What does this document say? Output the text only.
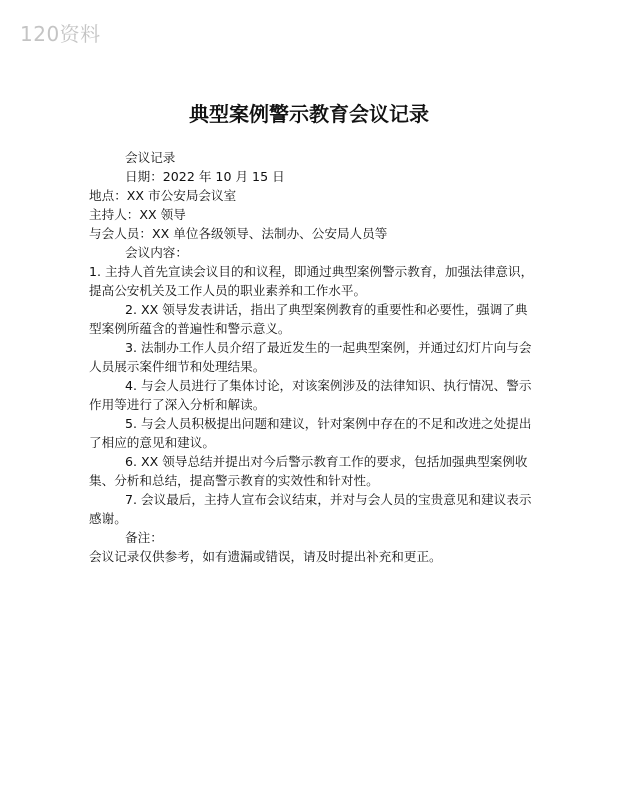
120资料
典型案例警示教育会议记录

会议记录

日期：2022 年 10 月 15 日

地点：XX 市公安局会议室

主持人：XX 领导

与会人员：XX 单位各级领导、法制办、公安局人员等

会议内容：

1. 主持人首先宣读会议目的和议程，即通过典型案例警示教育，加强法律意识，提高公安机关及工作人员的职业素养和工作水平。

2. XX 领导发表讲话，指出了典型案例教育的重要性和必要性，强调了典型案例所蕴含的普遍性和警示意义。

3. 法制办工作人员介绍了最近发生的一起典型案例，并通过幻灯片向与会人员展示案件细节和处理结果。

4. 与会人员进行了集体讨论，对该案例涉及的法律知识、执行情况、警示作用等进行了深入分析和解读。

5. 与会人员积极提出问题和建议，针对案例中存在的不足和改进之处提出了相应的意见和建议。

6. XX 领导总结并提出对今后警示教育工作的要求，包括加强典型案例收集、分析和总结，提高警示教育的实效性和针对性。

7. 会议最后，主持人宣布会议结束，并对与会人员的宝贵意见和建议表示感谢。

备注：

会议记录仅供参考，如有遗漏或错误，请及时提出补充和更正。
